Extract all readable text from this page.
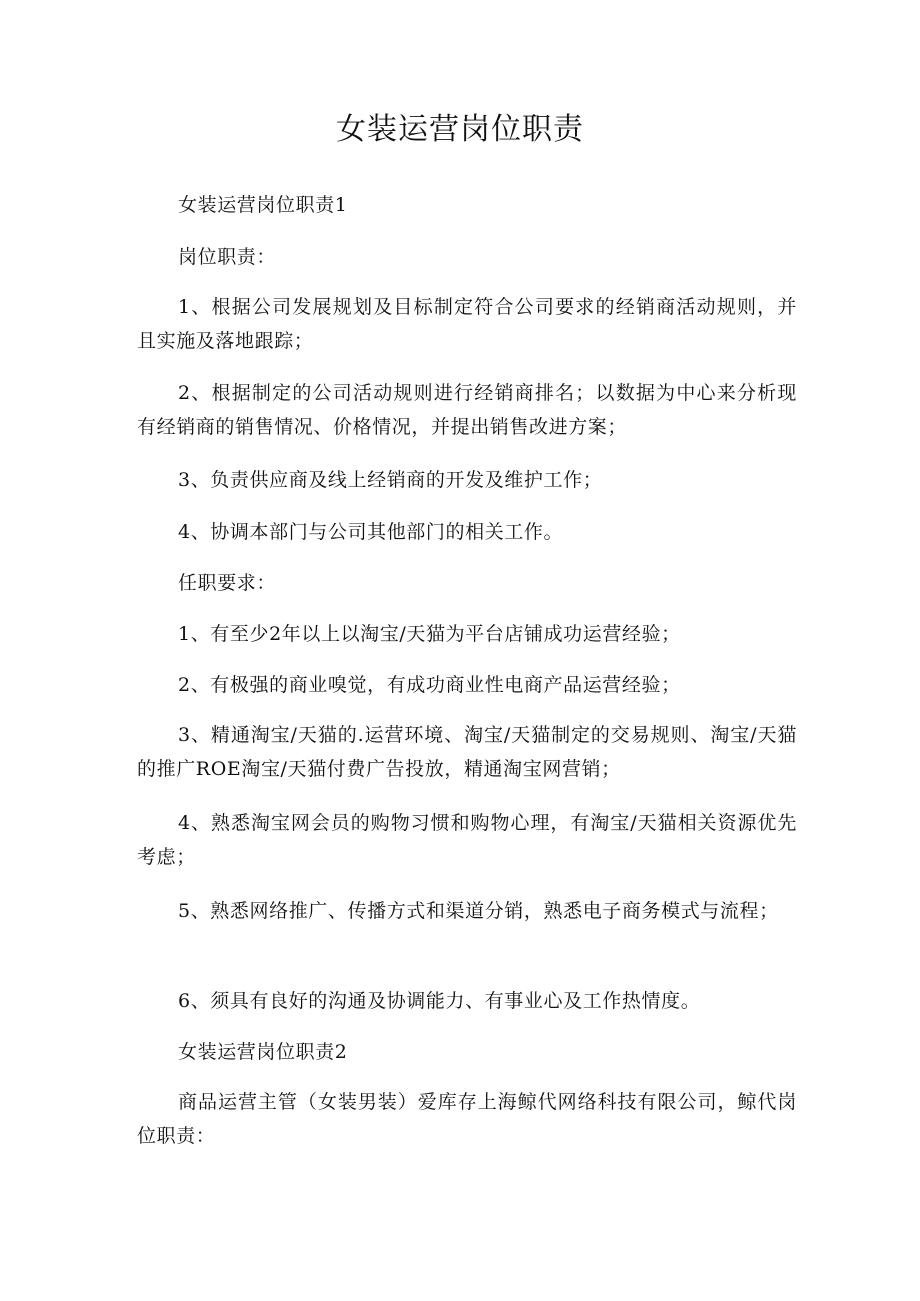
女装运营岗位职责

女装运营岗位职责1

岗位职责：

1、根据公司发展规划及目标制定符合公司要求的经销商活动规则，并且实施及落地跟踪；

2、根据制定的公司活动规则进行经销商排名；以数据为中心来分析现有经销商的销售情况、价格情况，并提出销售改进方案；

3、负责供应商及线上经销商的开发及维护工作；

4、协调本部门与公司其他部门的相关工作。

任职要求：

1、有至少2年以上以淘宝/天猫为平台店铺成功运营经验；

2、有极强的商业嗅觉，有成功商业性电商产品运营经验；

3、精通淘宝/天猫的.运营环境、淘宝/天猫制定的交易规则、淘宝/天猫的推广ROE淘宝/天猫付费广告投放，精通淘宝网营销；

4、熟悉淘宝网会员的购物习惯和购物心理，有淘宝/天猫相关资源优先考虑；

5、熟悉网络推广、传播方式和渠道分销，熟悉电子商务模式与流程；

6、须具有良好的沟通及协调能力、有事业心及工作热情度。

女装运营岗位职责2

商品运营主管（女装男装）爱库存上海鲸代网络科技有限公司，鲸代岗位职责：
